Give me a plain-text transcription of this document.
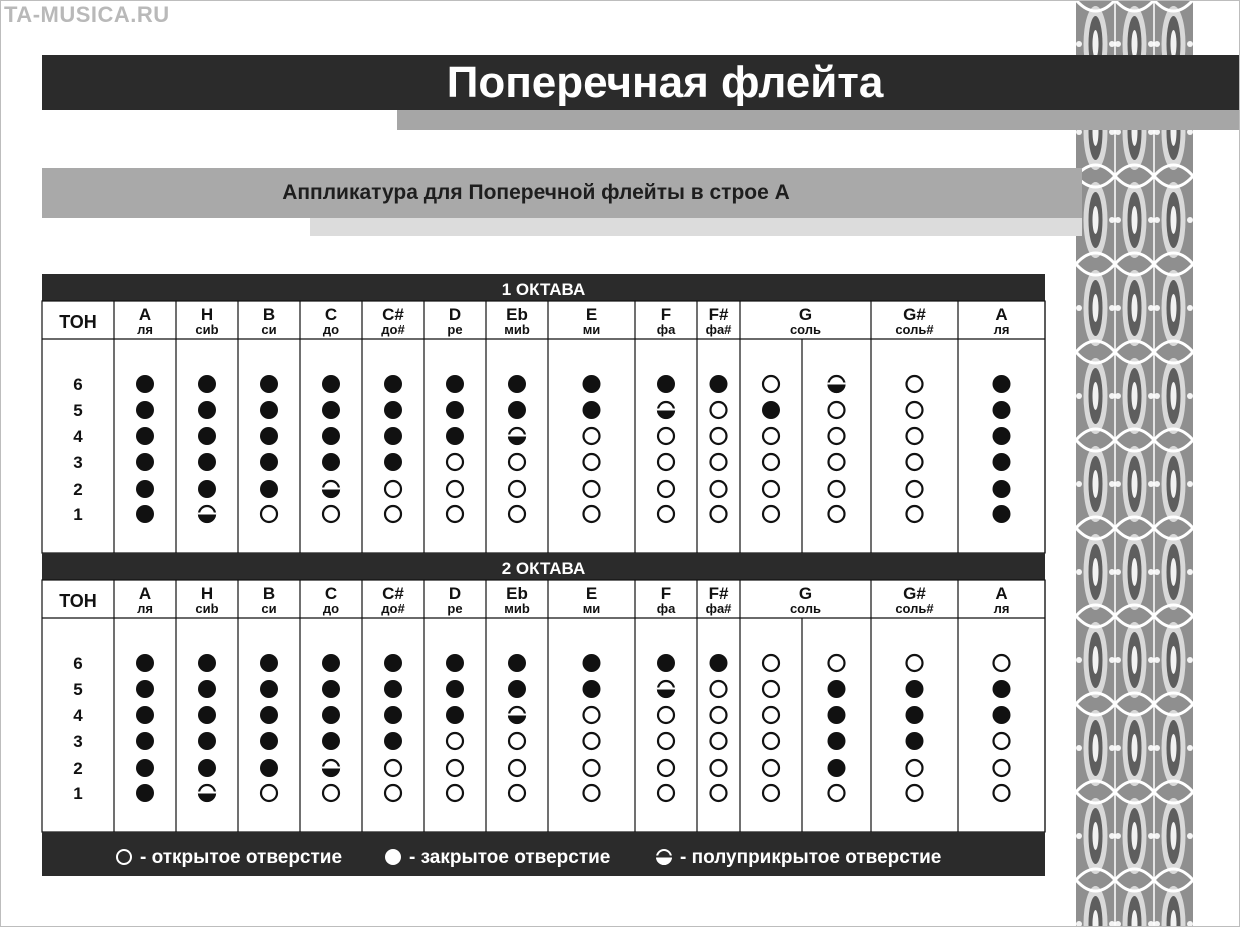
TA-MUSICA.RU
Поперечная флейта
Аппликатура для Поперечной флейты в строе А
1 ОКТАВА
ТОН A
ля
H
сиb
B
си
C
до
C#
до#
D
ре
Eb
миb
E
ми
F
фа
F#
фа#
G
соль
G#
соль#
A
ля
6
5
4
3
2
1
2 ОКТАВА
ТОН A
ля
H
сиb
B
си
C
до
C#
до#
D
ре
Eb
миb
E
ми
F
фа
F#
фа#
G
соль
G#
соль#
A
ля
6
5
4
3
2
1
- открытое отверстие	- закрытое отверстие	- полуприкрытое отверстие
